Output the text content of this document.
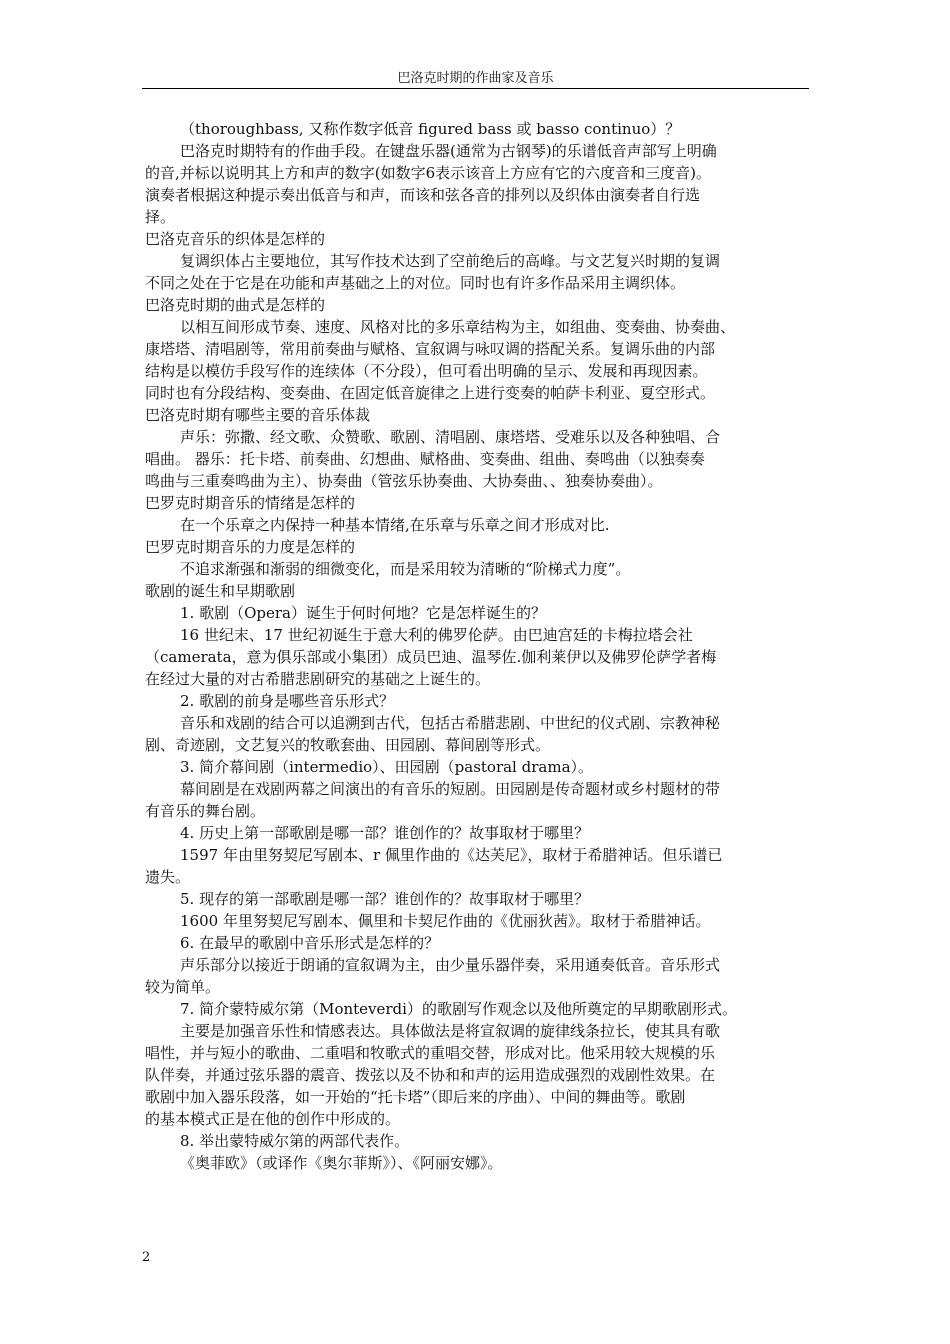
巴洛克时期的作曲家及音乐
（thoroughbass, 又称作数字低音 figured bass 或 basso continuo）？
巴洛克时期特有的作曲手段。在键盘乐器(通常为古钢琴)的乐谱低音声部写上明确
的音,并标以说明其上方和声的数字(如数字6表示该音上方应有它的六度音和三度音)。
演奏者根据这种提示奏出低音与和声，而该和弦各音的排列以及织体由演奏者自行选
择。
巴洛克音乐的织体是怎样的
复调织体占主要地位，其写作技术达到了空前绝后的高峰。与文艺复兴时期的复调
不同之处在于它是在功能和声基础之上的对位。同时也有许多作品采用主调织体。
巴洛克时期的曲式是怎样的
以相互间形成节奏、速度、风格对比的多乐章结构为主，如组曲、变奏曲、协奏曲、
康塔塔、清唱剧等，常用前奏曲与赋格、宣叙调与咏叹调的搭配关系。复调乐曲的内部
结构是以模仿手段写作的连续体（不分段），但可看出明确的呈示、发展和再现因素。
同时也有分段结构、变奏曲、在固定低音旋律之上进行变奏的帕萨卡利亚、夏空形式。
巴洛克时期有哪些主要的音乐体裁
声乐：弥撒、经文歌、众赞歌、歌剧、清唱剧、康塔塔、受难乐以及各种独唱、合
唱曲。 器乐：托卡塔、前奏曲、幻想曲、赋格曲、变奏曲、组曲、奏鸣曲（以独奏奏
鸣曲与三重奏鸣曲为主）、协奏曲（管弦乐协奏曲、大协奏曲、、独奏协奏曲）。
巴罗克时期音乐的情绪是怎样的
在一个乐章之内保持一种基本情绪,在乐章与乐章之间才形成对比.
巴罗克时期音乐的力度是怎样的
不追求渐强和渐弱的细微变化，而是采用较为清晰的“阶梯式力度”。
歌剧的诞生和早期歌剧
1. 歌剧（Opera）诞生于何时何地？它是怎样诞生的？
16 世纪末、17 世纪初诞生于意大利的佛罗伦萨。由巴迪宫廷的卡梅拉塔会社
（camerata，意为俱乐部或小集团）成员巴迪、温琴佐.伽利莱伊以及佛罗伦萨学者梅
在经过大量的对古希腊悲剧研究的基础之上诞生的。
2. 歌剧的前身是哪些音乐形式？
音乐和戏剧的结合可以追溯到古代，包括古希腊悲剧、中世纪的仪式剧、宗教神秘
剧、奇迹剧，文艺复兴的牧歌套曲、田园剧、幕间剧等形式。
3. 简介幕间剧（intermedio）、田园剧（pastoral drama）。
幕间剧是在戏剧两幕之间演出的有音乐的短剧。田园剧是传奇题材或乡村题材的带
有音乐的舞台剧。
4. 历史上第一部歌剧是哪一部？谁创作的？故事取材于哪里？
1597 年由里努契尼写剧本、r 佩里作曲的《达芙尼》，取材于希腊神话。但乐谱已
遗失。
5. 现存的第一部歌剧是哪一部？谁创作的？故事取材于哪里？
1600 年里努契尼写剧本、佩里和卡契尼作曲的《优丽狄茜》。取材于希腊神话。
6. 在最早的歌剧中音乐形式是怎样的？
声乐部分以接近于朗诵的宣叙调为主，由少量乐器伴奏，采用通奏低音。音乐形式
较为简单。
7. 简介蒙特威尔第（Monteverdi）的歌剧写作观念以及他所奠定的早期歌剧形式。
主要是加强音乐性和情感表达。具体做法是将宣叙调的旋律线条拉长，使其具有歌
唱性，并与短小的歌曲、二重唱和牧歌式的重唱交替，形成对比。他采用较大规模的乐
队伴奏，并通过弦乐器的震音、拨弦以及不协和和声的运用造成强烈的戏剧性效果。在
歌剧中加入器乐段落，如一开始的“托卡塔”（即后来的序曲）、中间的舞曲等。歌剧
的基本模式正是在他的创作中形成的。
8. 举出蒙特威尔第的两部代表作。
《奥菲欧》（或译作《奥尔菲斯》）、《阿丽安娜》。
2
